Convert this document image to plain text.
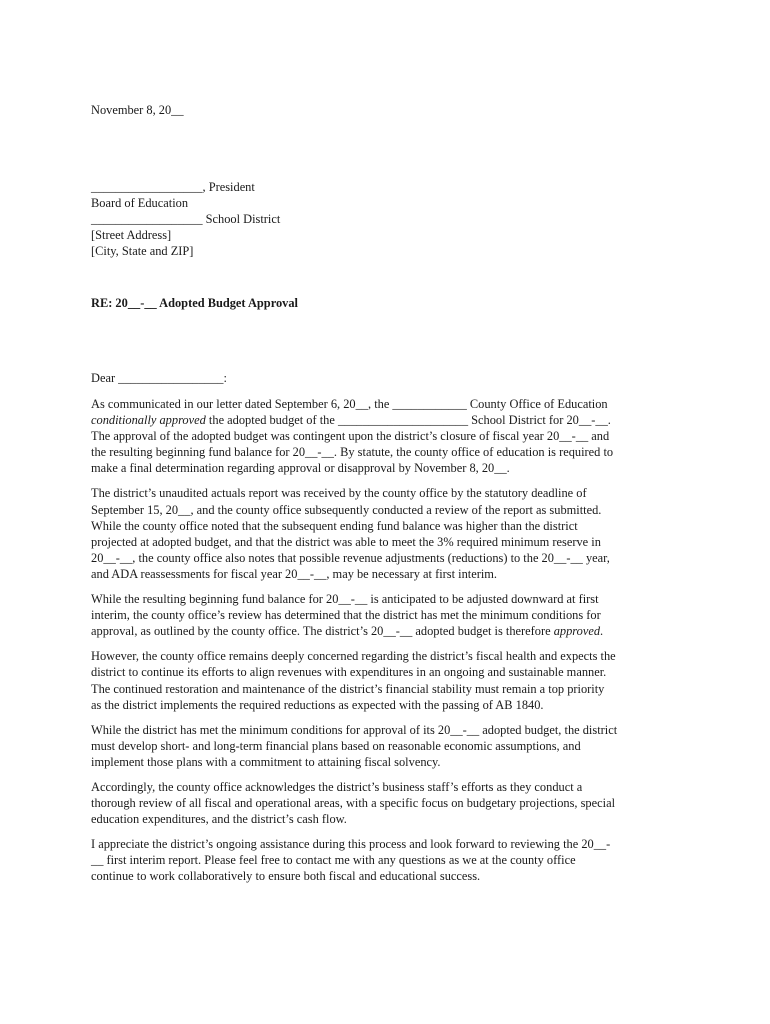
November 8, 20__
__________________, President
Board of Education
__________________ School District
[Street Address]
[City, State and ZIP]
RE: 20__-__ Adopted Budget Approval
Dear _________________:
As communicated in our letter dated September 6, 20__, the ____________ County Office of Education
conditionally approved the adopted budget of the _____________________ School District for 20__-__.
The approval of the adopted budget was contingent upon the district’s closure of fiscal year 20__-__ and
the resulting beginning fund balance for 20__-__. By statute, the county office of education is required to
make a final determination regarding approval or disapproval by November 8, 20__.
The district’s unaudited actuals report was received by the county office by the statutory deadline of
September 15, 20__, and the county office subsequently conducted a review of the report as submitted.
While the county office noted that the subsequent ending fund balance was higher than the district
projected at adopted budget, and that the district was able to meet the 3% required minimum reserve in
20__-__, the county office also notes that possible revenue adjustments (reductions) to the 20__-__ year,
and ADA reassessments for fiscal year 20__-__, may be necessary at first interim.
While the resulting beginning fund balance for 20__-__ is anticipated to be adjusted downward at first
interim, the county office’s review has determined that the district has met the minimum conditions for
approval, as outlined by the county office. The district’s 20__-__ adopted budget is therefore approved.
However, the county office remains deeply concerned regarding the district’s fiscal health and expects the
district to continue its efforts to align revenues with expenditures in an ongoing and sustainable manner.
The continued restoration and maintenance of the district’s financial stability must remain a top priority
as the district implements the required reductions as expected with the passing of AB 1840.
While the district has met the minimum conditions for approval of its 20__-__ adopted budget, the district
must develop short- and long-term financial plans based on reasonable economic assumptions, and
implement those plans with a commitment to attaining fiscal solvency.
Accordingly, the county office acknowledges the district’s business staff’s efforts as they conduct a
thorough review of all fiscal and operational areas, with a specific focus on budgetary projections, special
education expenditures, and the district’s cash flow.
I appreciate the district’s ongoing assistance during this process and look forward to reviewing the 20__-
__ first interim report. Please feel free to contact me with any questions as we at the county office
continue to work collaboratively to ensure both fiscal and educational success.
